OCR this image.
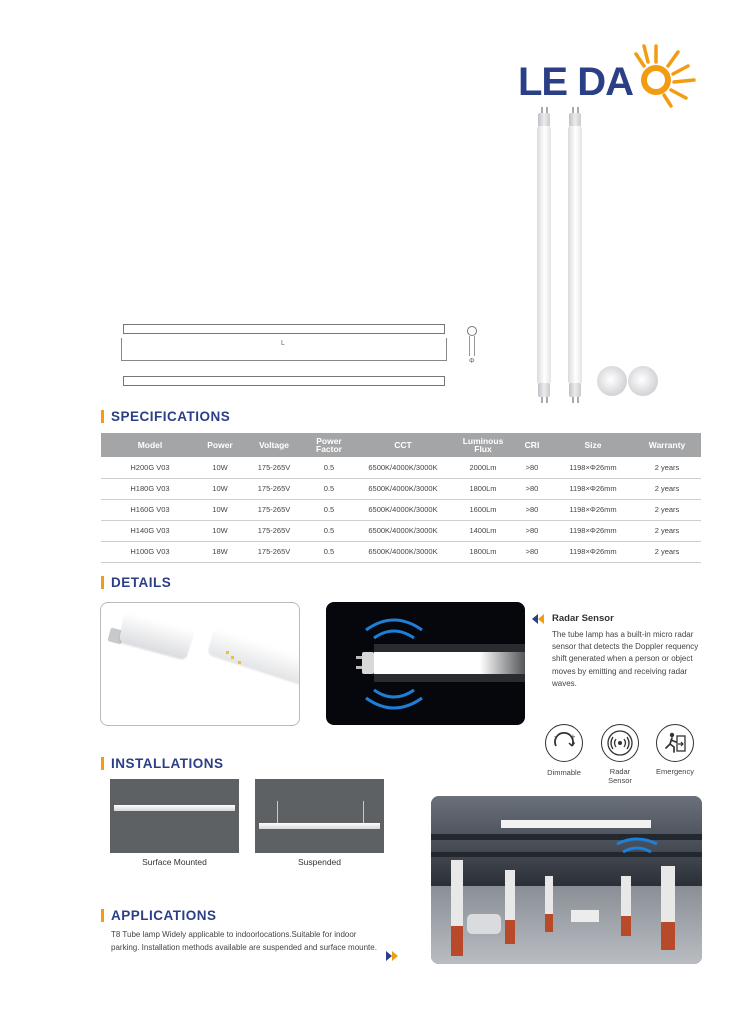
LE DA
L
Φ
SPECIFICATIONS
Model	Power	Voltage	Power Factor	CCT	Luminous Flux	CRI	Size	Warranty
H200G V03	10W	175-265V	0.5	6500K/4000K/3000K	2000Lm	>80	1198×Φ26mm	2 years
H180G V03	10W	175-265V	0.5	6500K/4000K/3000K	1800Lm	>80	1198×Φ26mm	2 years
H160G V03	10W	175-265V	0.5	6500K/4000K/3000K	1600Lm	>80	1198×Φ26mm	2 years
H140G V03	10W	175-265V	0.5	6500K/4000K/3000K	1400Lm	>80	1198×Φ26mm	2 years
H100G V03	18W	175-265V	0.5	6500K/4000K/3000K	1800Lm	>80	1198×Φ26mm	2 years
DETAILS
Radar Sensor
The tube lamp has a built-in micro radar sensor that detects the Doppler requency shift generated when a person or object moves by emitting and receiving radar waves.
- +
Dimmable	Radar Sensor
Emergency
INSTALLATIONS
Surface Mounted	Suspended
APPLICATIONS
T8 Tube lamp Widely applicable to indoorlocations.Suitable for indoor parking. Installation methods available are suspended and surface mounte.
